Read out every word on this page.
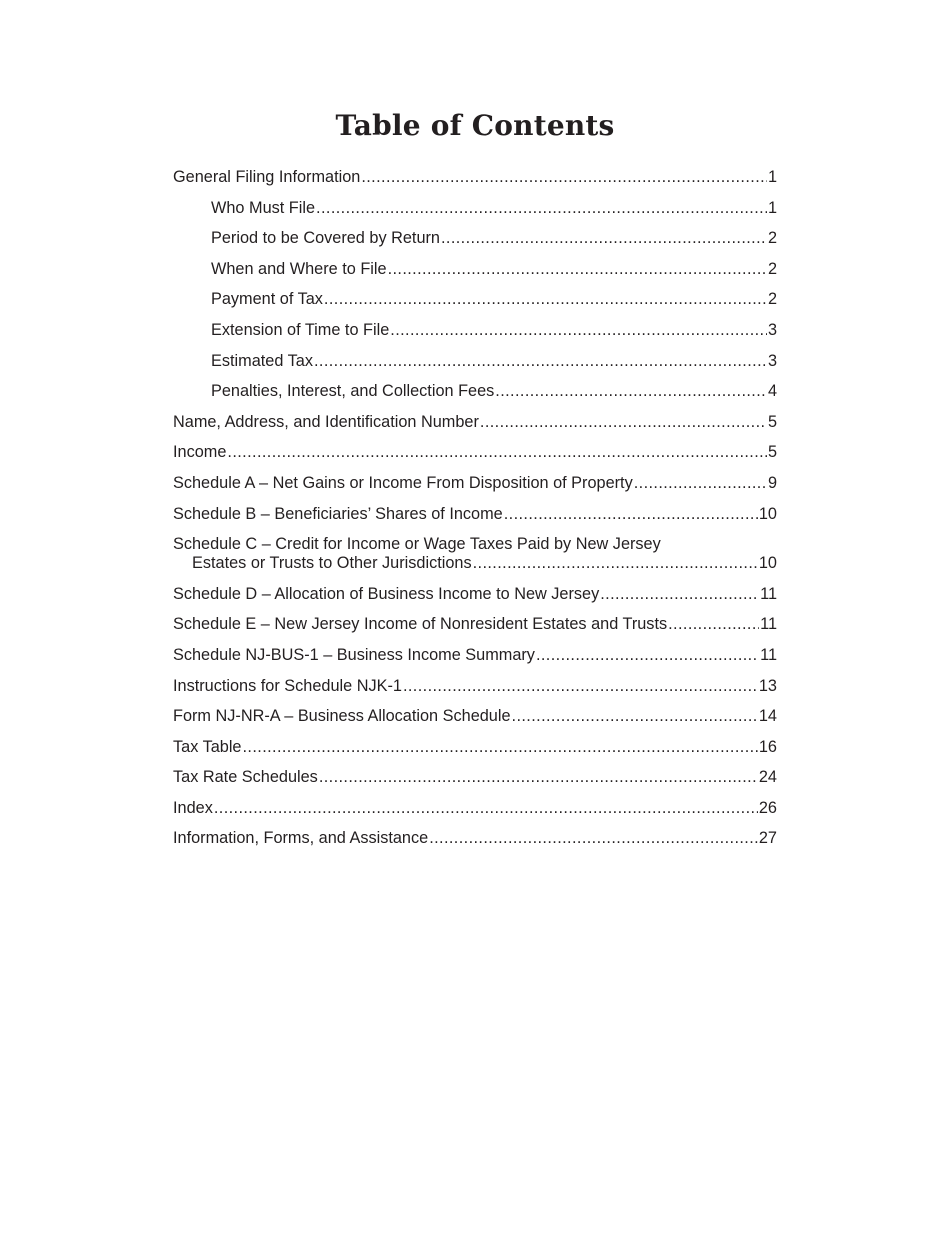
Table of Contents
General Filing Information .....	1
Who Must File .....	1
Period to be Covered by Return .....	2
When and Where to File .....	2
Payment of Tax .....	2
Extension of Time to File .....	3
Estimated Tax .....	3
Penalties, Interest, and Collection Fees .....	4
Name, Address, and Identification Number .....	5
Income .....	5
Schedule A – Net Gains or Income From Disposition of Property .....	9
Schedule B – Beneficiaries’ Shares of Income .....	10
Schedule C – Credit for Income or Wage Taxes Paid by New Jersey
Estates or Trusts to Other Jurisdictions .....	10
Schedule D – Allocation of Business Income to New Jersey .....	11
Schedule E – New Jersey Income of Nonresident Estates and Trusts .....	11
Schedule NJ-BUS-1 – Business Income Summary .....	11
Instructions for Schedule NJK-1 .....	13
Form NJ-NR-A – Business Allocation Schedule .....	14
Tax Table .....	16
Tax Rate Schedules .....	24
Index .....	26
Information, Forms, and Assistance .....	27
